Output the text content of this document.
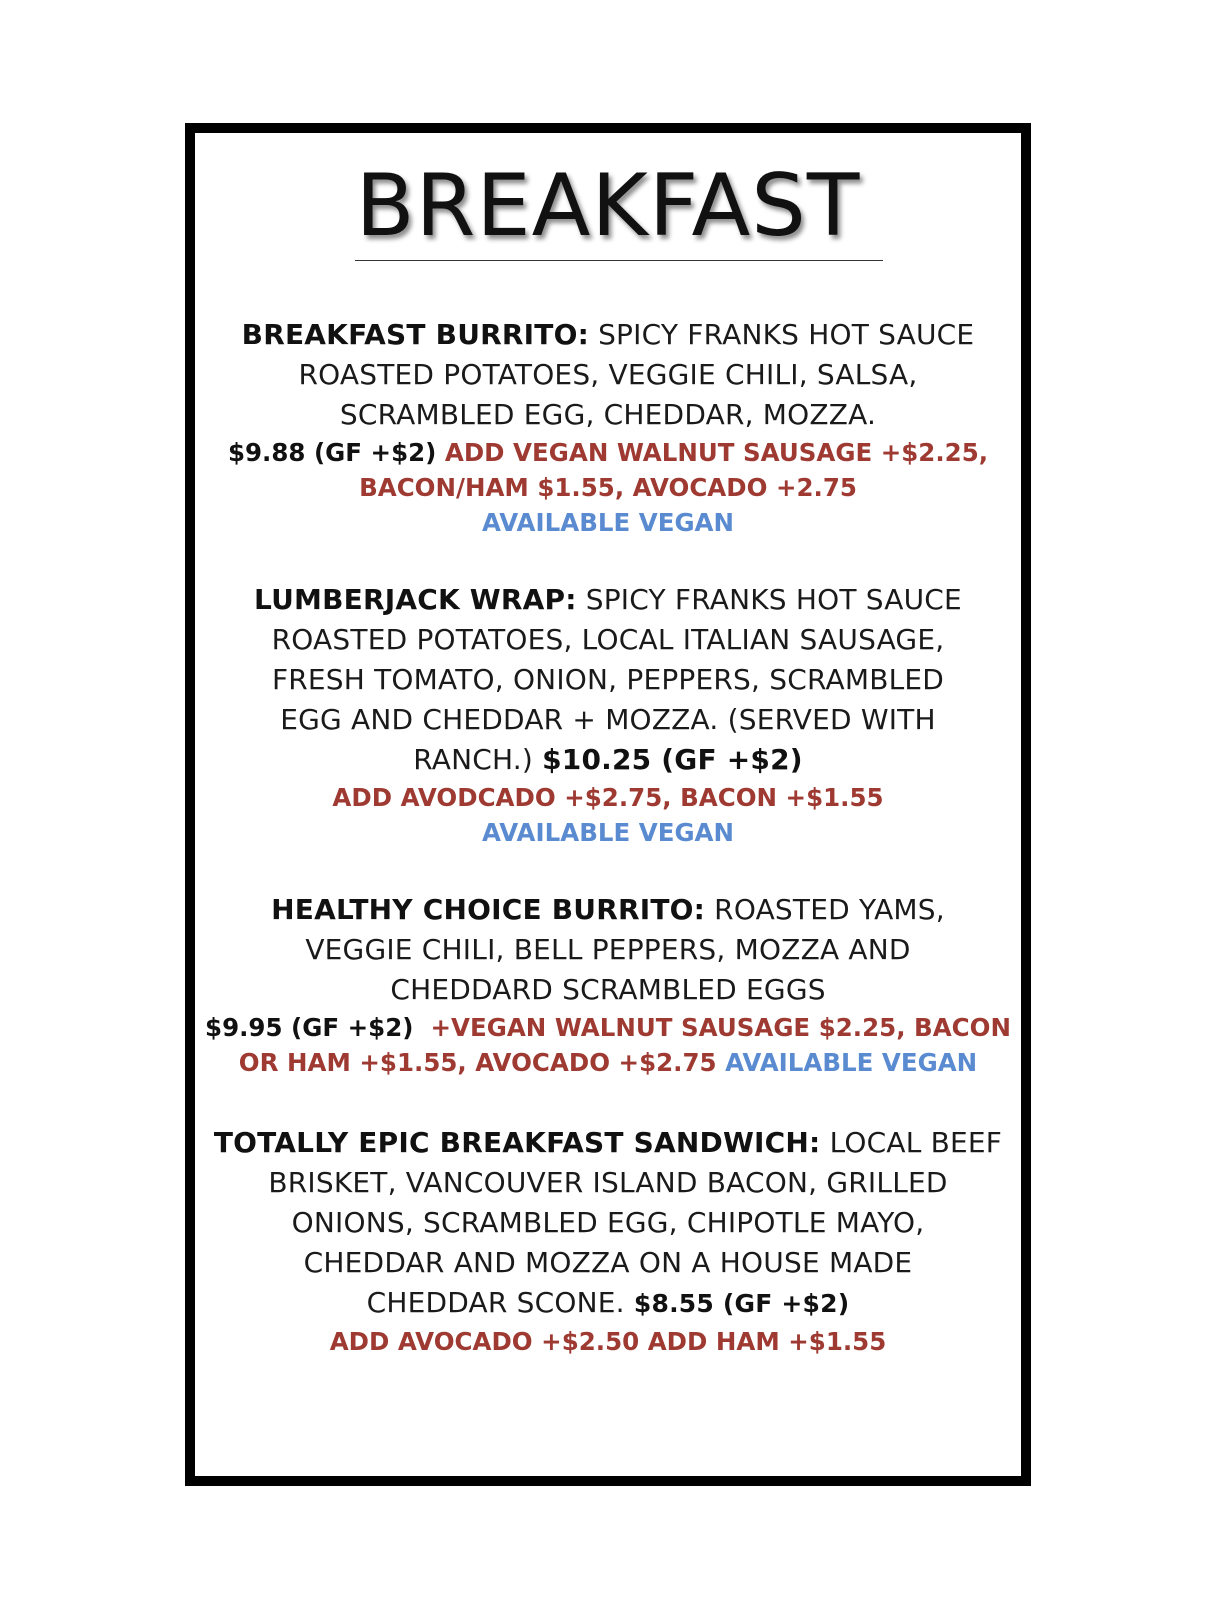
BREAKFAST
BREAKFAST BURRITO: SPICY FRANKS HOT SAUCE
ROASTED POTATOES, VEGGIE CHILI, SALSA,
SCRAMBLED EGG, CHEDDAR, MOZZA.
$9.88 (GF +$2) ADD VEGAN WALNUT SAUSAGE +$2.25,
BACON/HAM $1.55, AVOCADO +2.75
AVAILABLE VEGAN
LUMBERJACK WRAP: SPICY FRANKS HOT SAUCE
ROASTED POTATOES, LOCAL ITALIAN SAUSAGE,
FRESH TOMATO, ONION, PEPPERS, SCRAMBLED
EGG AND CHEDDAR + MOZZA. (SERVED WITH
RANCH.) $10.25 (GF +$2)
ADD AVODCADO +$2.75, BACON +$1.55
AVAILABLE VEGAN
HEALTHY CHOICE BURRITO: ROASTED YAMS,
VEGGIE CHILI, BELL PEPPERS, MOZZA AND
CHEDDARD SCRAMBLED EGGS
$9.95 (GF +$2)  +VEGAN WALNUT SAUSAGE $2.25, BACON
OR HAM +$1.55, AVOCADO +$2.75 AVAILABLE VEGAN
TOTALLY EPIC BREAKFAST SANDWICH: LOCAL BEEF
BRISKET, VANCOUVER ISLAND BACON, GRILLED
ONIONS, SCRAMBLED EGG, CHIPOTLE MAYO,
CHEDDAR AND MOZZA ON A HOUSE MADE
CHEDDAR SCONE. $8.55 (GF +$2)
ADD AVOCADO +$2.50 ADD HAM +$1.55
